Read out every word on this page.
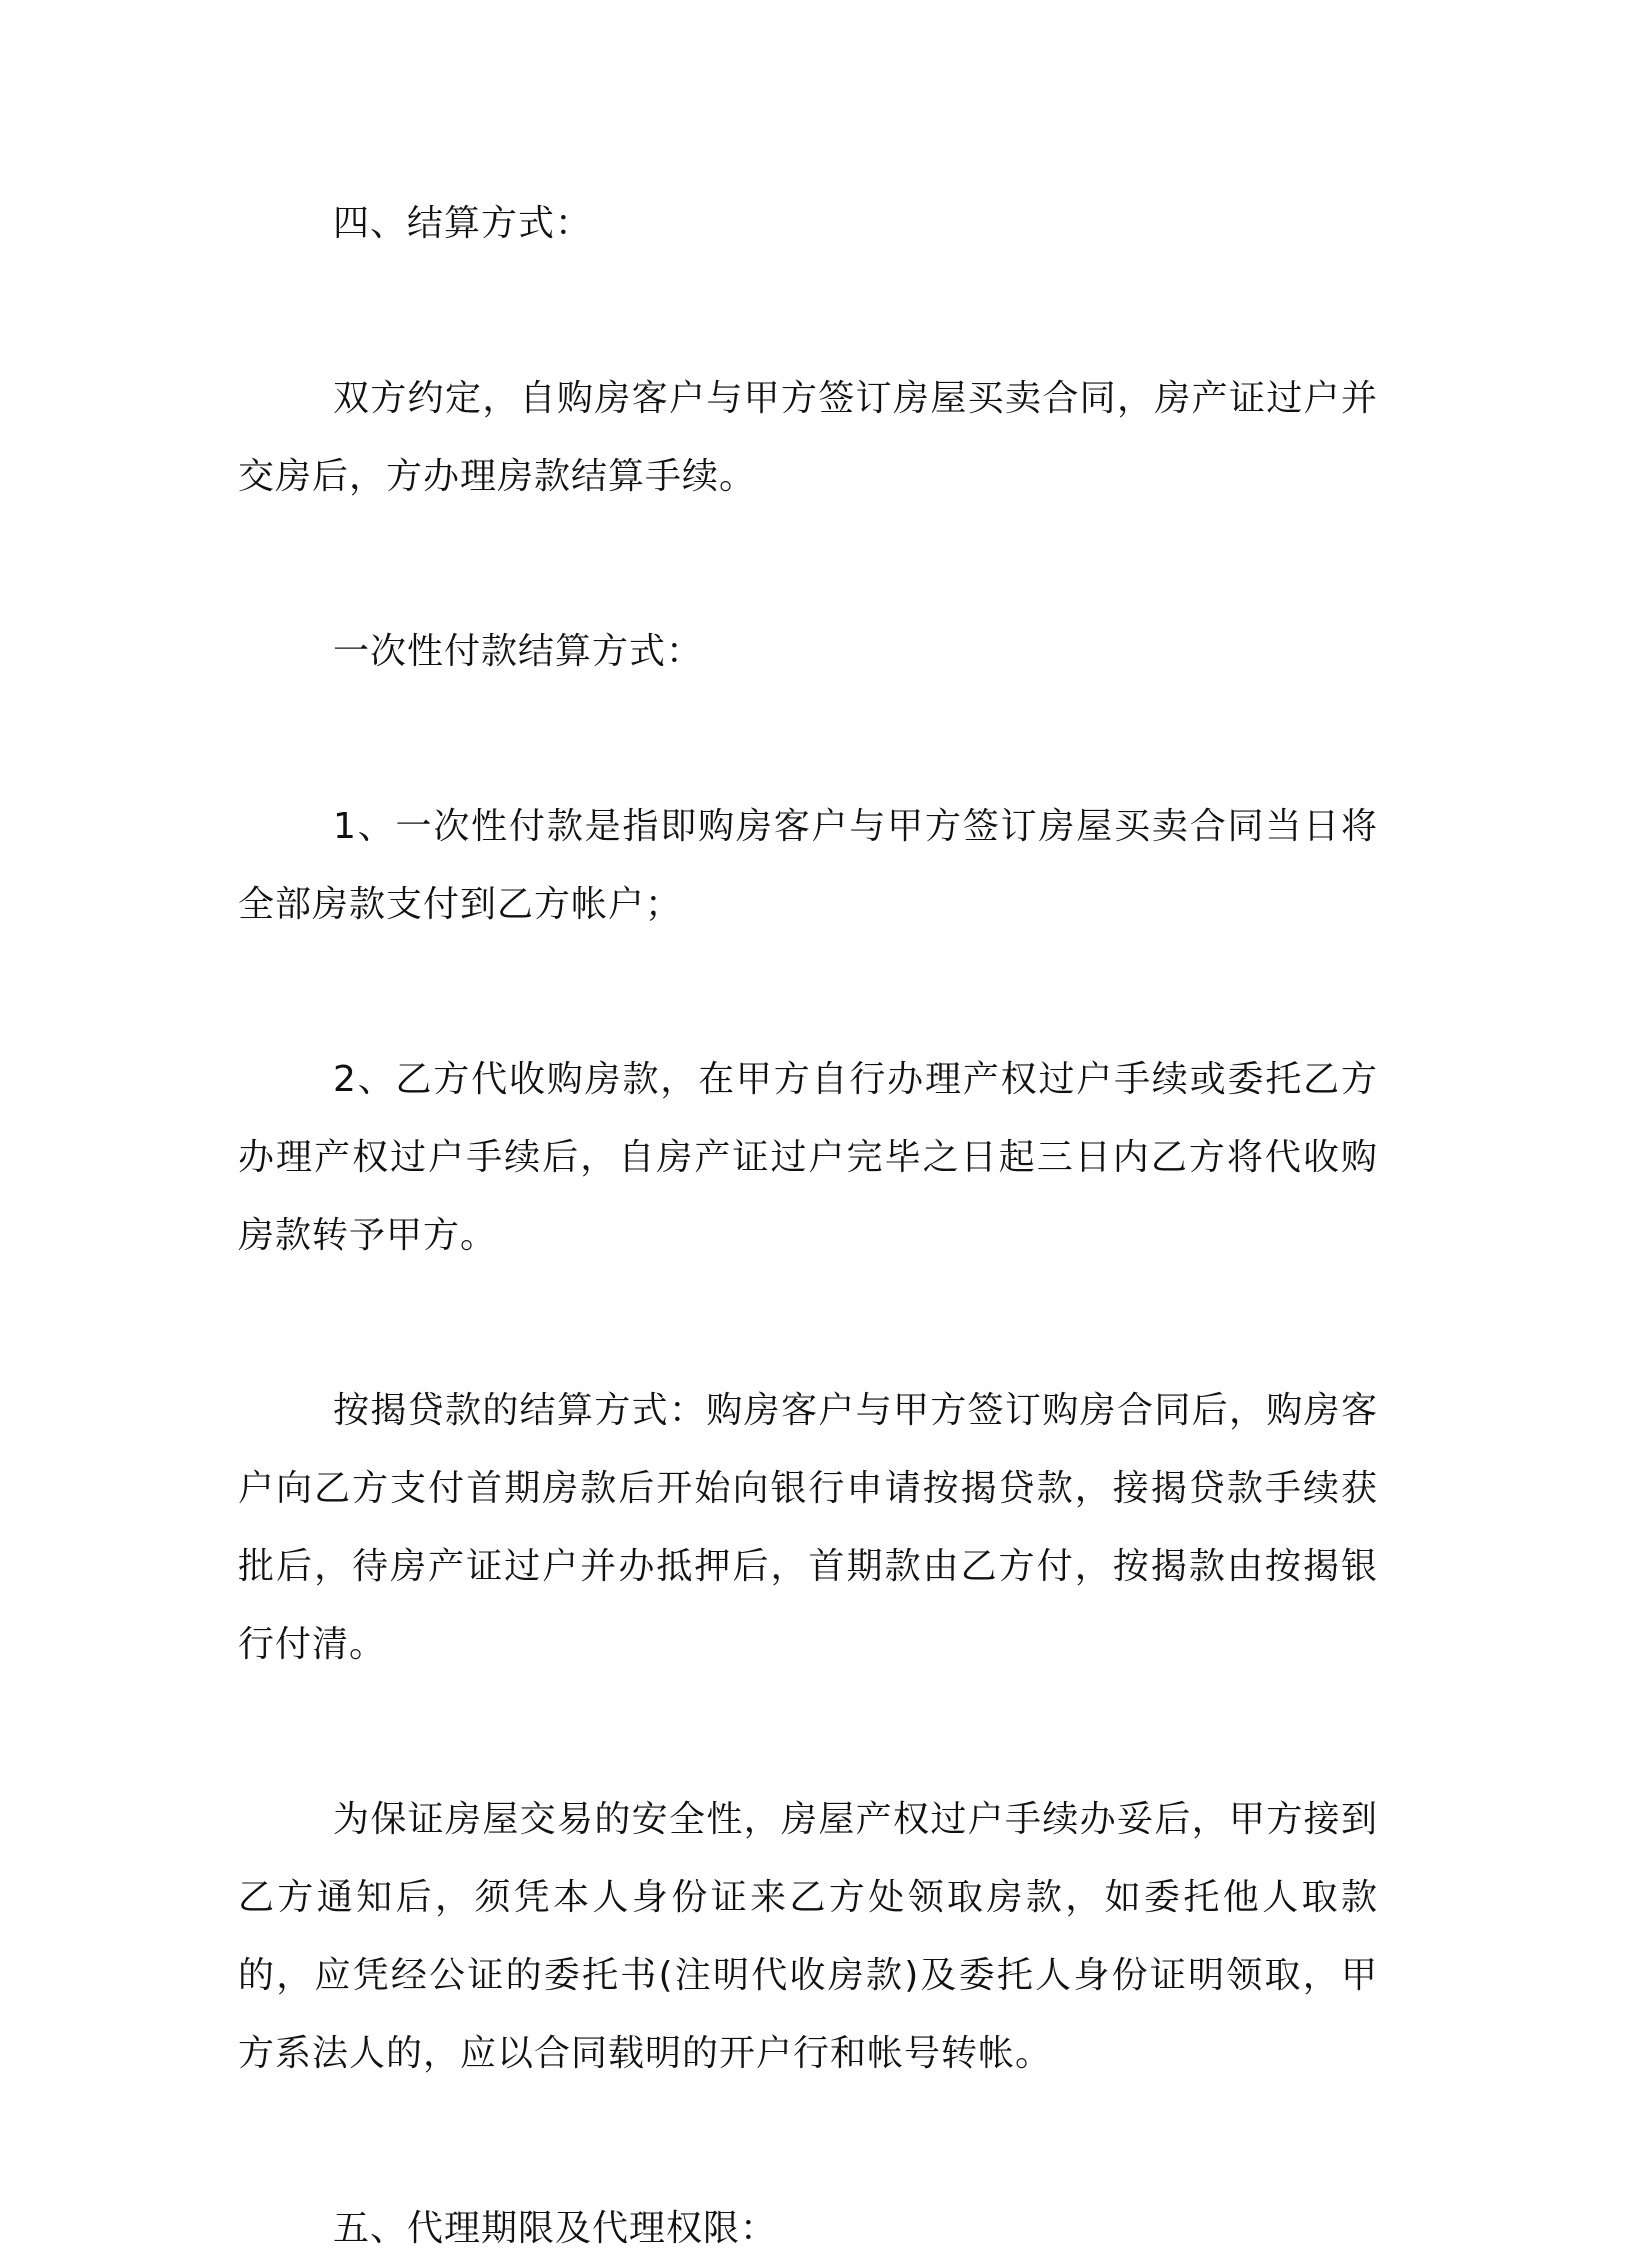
四、结算方式：

双方约定，自购房客户与甲方签订房屋买卖合同，房产证过户并交房后，方办理房款结算手续。

一次性付款结算方式：

1、一次性付款是指即购房客户与甲方签订房屋买卖合同当日将全部房款支付到乙方帐户；

2、乙方代收购房款，在甲方自行办理产权过户手续或委托乙方办理产权过户手续后，自房产证过户完毕之日起三日内乙方将代收购房款转予甲方。

按揭贷款的结算方式：购房客户与甲方签订购房合同后，购房客户向乙方支付首期房款后开始向银行申请按揭贷款，接揭贷款手续获批后，待房产证过户并办抵押后，首期款由乙方付，按揭款由按揭银行付清。

为保证房屋交易的安全性，房屋产权过户手续办妥后，甲方接到乙方通知后，须凭本人身份证来乙方处领取房款，如委托他人取款的，应凭经公证的委托书(注明代收房款)及委托人身份证明领取，甲方系法人的，应以合同载明的开户行和帐号转帐。

五、代理期限及代理权限：
